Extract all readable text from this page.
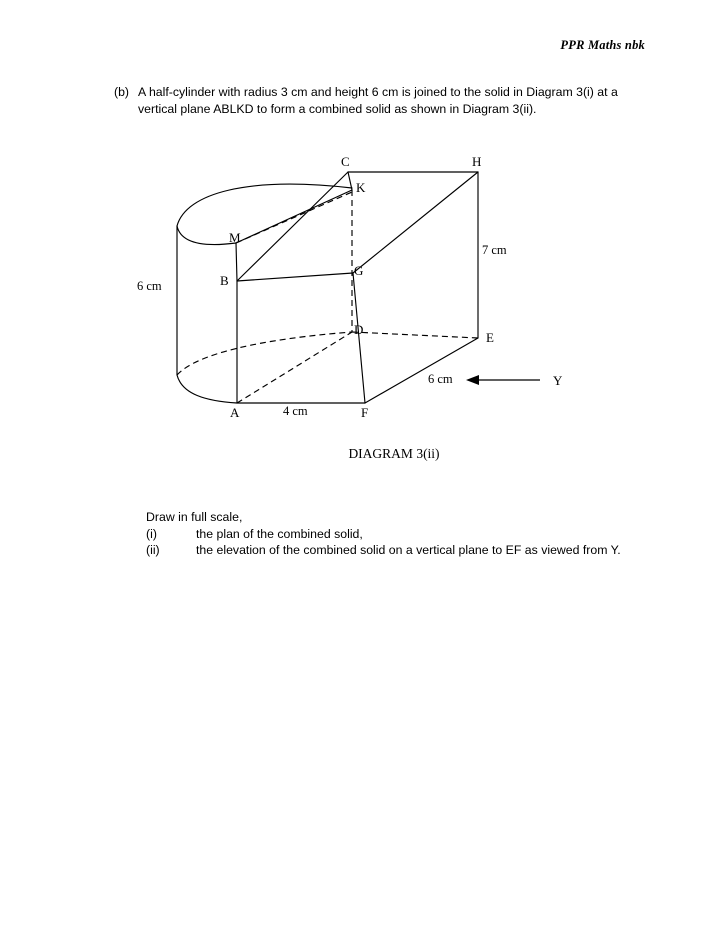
PPR Maths nbk
(b) A half-cylinder with radius 3 cm and height 6 cm is joined to the solid in Diagram 3(i) at a vertical plane ABLKD to form a combined solid as shown in Diagram 3(ii).
C	H
K
M
G
B
D
E
A	F
6 cm
7 cm
6 cm
4 cm
Y
DIAGRAM 3(ii)
Draw in full scale,
(i)	the plan of the combined solid,
(ii)	the elevation of the combined solid on a vertical plane to EF as viewed from Y.
